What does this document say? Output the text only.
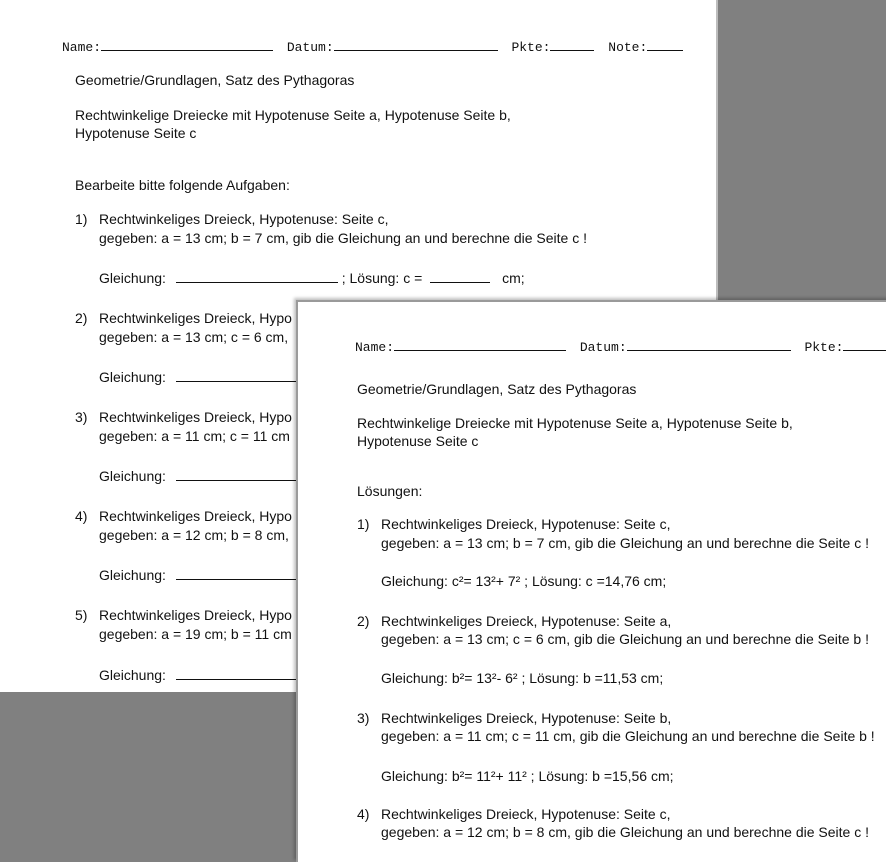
Name:	Datum:	Pkte:	Note:
Geometrie/Grundlagen, Satz des Pythagoras
Rechtwinkelige Dreiecke mit Hypotenuse Seite a, Hypotenuse Seite b,
Hypotenuse Seite c
Bearbeite bitte folgende Aufgaben:
1) Rechtwinkeliges Dreieck, Hypotenuse: Seite c,
gegeben: a = 13 cm; b = 7 cm, gib die Gleichung an und berechne die Seite c !
Gleichung:	; Lösung: c =	cm;
2) Rechtwinkeliges Dreieck, Hypo
gegeben: a = 13 cm; c = 6 cm,
Gleichung:
3) Rechtwinkeliges Dreieck, Hypo
gegeben: a = 11 cm; c = 11 cm
Gleichung:
4) Rechtwinkeliges Dreieck, Hypo
gegeben: a = 12 cm; b = 8 cm,
Gleichung:
5) Rechtwinkeliges Dreieck, Hypo
gegeben: a = 19 cm; b = 11 cm
Gleichung:
Name:	Datum:	Pkte:
Geometrie/Grundlagen, Satz des Pythagoras
Rechtwinkelige Dreiecke mit Hypotenuse Seite a, Hypotenuse Seite b,
Hypotenuse Seite c
Lösungen:
1) Rechtwinkeliges Dreieck, Hypotenuse: Seite c,
gegeben: a = 13 cm; b = 7 cm, gib die Gleichung an und berechne die Seite c !
Gleichung: c²= 13²+ 7² ; Lösung: c =14,76 cm;
2) Rechtwinkeliges Dreieck, Hypotenuse: Seite a,
gegeben: a = 13 cm; c = 6 cm, gib die Gleichung an und berechne die Seite b !
Gleichung: b²= 13²- 6² ; Lösung: b =11,53 cm;
3) Rechtwinkeliges Dreieck, Hypotenuse: Seite b,
gegeben: a = 11 cm; c = 11 cm, gib die Gleichung an und berechne die Seite b !
Gleichung: b²= 11²+ 11² ; Lösung: b =15,56 cm;
4) Rechtwinkeliges Dreieck, Hypotenuse: Seite c,
gegeben: a = 12 cm; b = 8 cm, gib die Gleichung an und berechne die Seite c !
